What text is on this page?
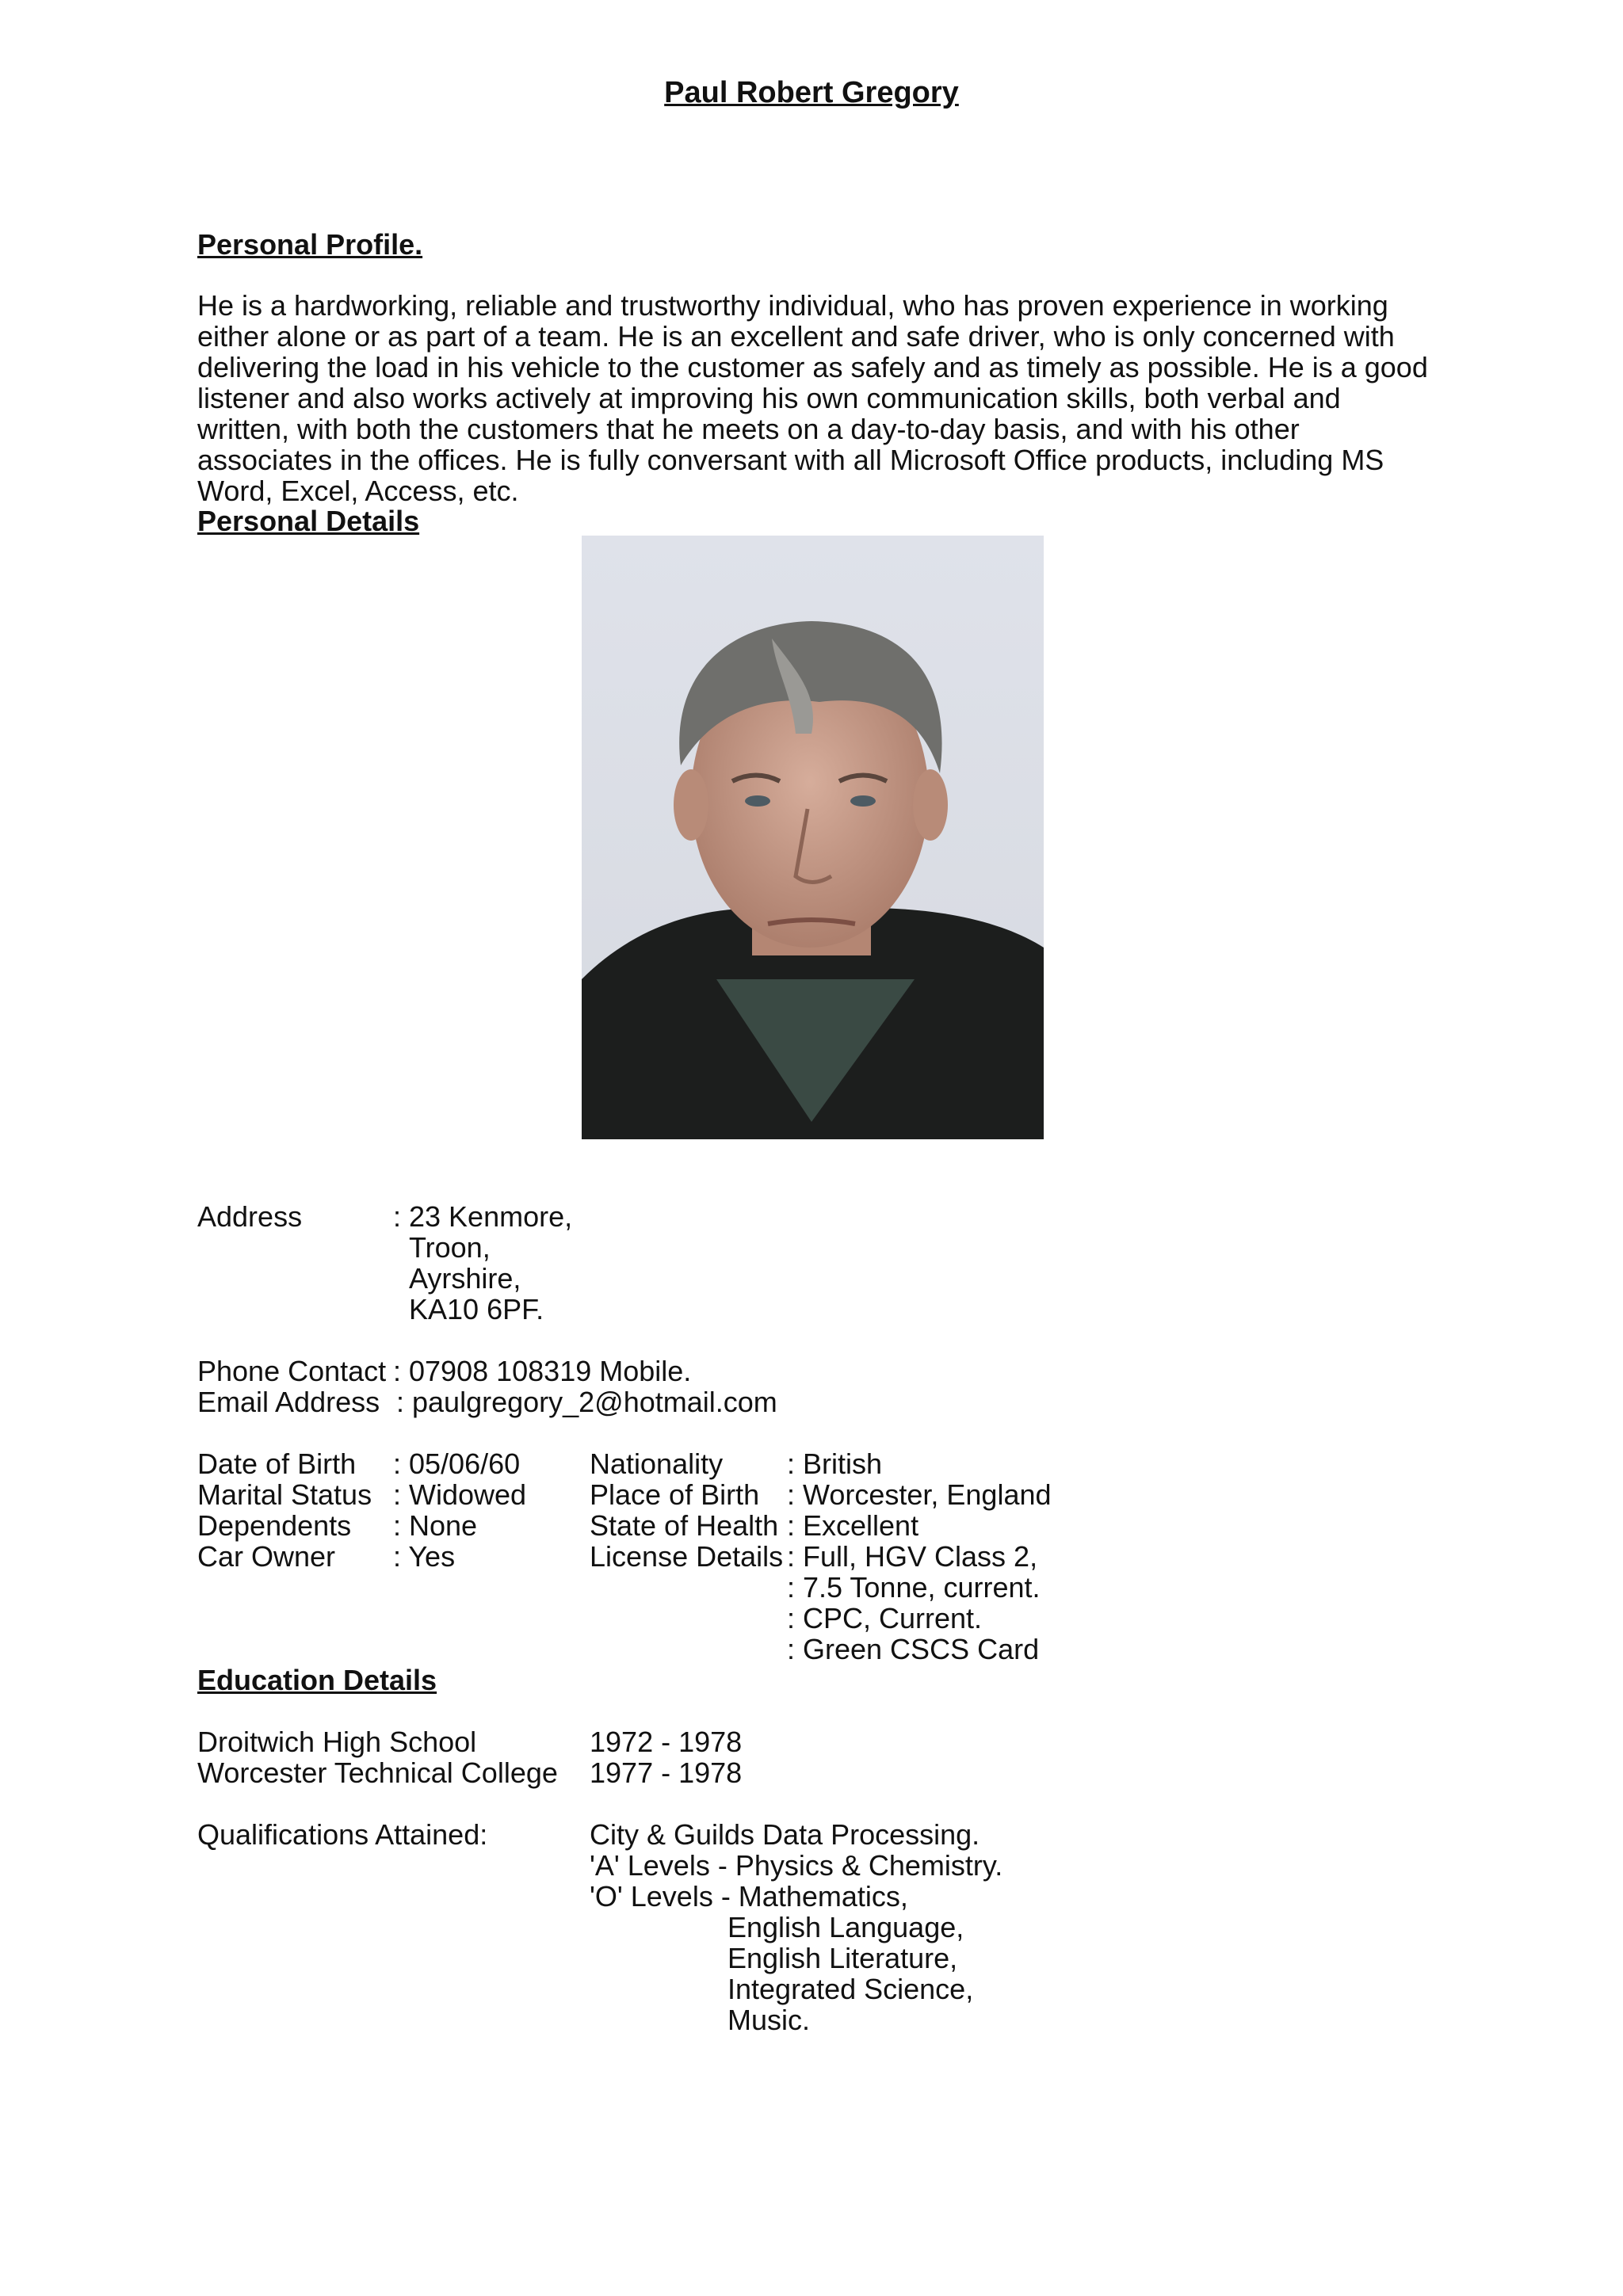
Paul Robert Gregory
Personal Profile.
He is a hardworking, reliable and trustworthy individual, who has proven experience in working either alone or as part of a team. He is an excellent and safe driver, who is only concerned with delivering the load in his vehicle to the customer as safely and as timely as possible. He is a good listener and also works actively at improving his own communication skills, both verbal and written, with both the customers that he meets on a day-to-day basis, and with his other associates in the offices. He is fully conversant with all Microsoft Office products, including MS Word, Excel, Access, etc.
Personal Details
Address	: 23 Kenmore,
Troon,
Ayrshire,
KA10 6PF.
Phone Contact : 07908 108319 Mobile.
Email Address : paulgregory_2@hotmail.com
Date of Birth : 05/06/60
Marital Status : Widowed
Dependents : None
Car Owner : Yes
Nationality : British
Place of Birth : Worcester, England
State of Health : Excellent
License Details : Full, HGV Class 2,
: 7.5 Tonne, current.
: CPC, Current.
: Green CSCS Card
Education Details
Droitwich High School	1972 - 1978
Worcester Technical College 1977 - 1978
Qualifications Attained:	City & Guilds Data Processing.
'A' Levels - Physics & Chemistry.
'O' Levels - Mathematics,
English Language,
English Literature,
Integrated Science,
Music.
